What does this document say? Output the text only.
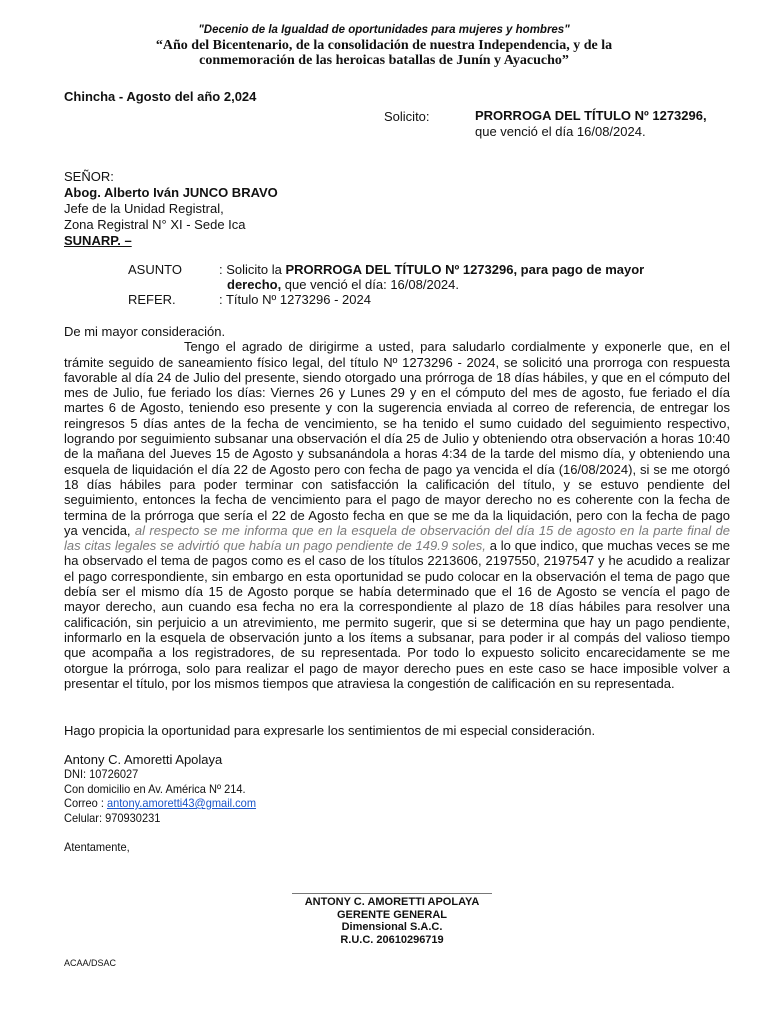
"Decenio de la Igualdad de oportunidades para mujeres y hombres"
“Año del Bicentenario, de la consolidación de nuestra Independencia, y de la
conmemoración de las heroicas batallas de Junín y Ayacucho”
Chincha - Agosto del año 2,024
Solicito:	PRORROGA DEL TÍTULO Nº 1273296, que venció el día 16/08/2024.
SEÑOR:
Abog. Alberto Iván JUNCO BRAVO
Jefe de la Unidad Registral,
Zona Registral N° XI - Sede Ica
SUNARP. –
ASUNTO	: Solicito la PRORROGA DEL TÍTULO Nº 1273296, para pago de mayor
derecho, que venció el día: 16/08/2024.
REFER.	: Título Nº 1273296 - 2024

De mi mayor consideración.

Tengo el agrado de dirigirme a usted, para saludarlo cordialmente y exponerle que, en el trámite seguido de saneamiento físico legal, del título Nº 1273296 - 2024, se solicitó una prorroga con respuesta favorable al día 24 de Julio del presente, siendo otorgado una prórroga de 18 días hábiles, y que en el cómputo del mes de Julio, fue feriado los días: Viernes 26 y Lunes 29 y en el cómputo del mes de agosto, fue feriado el día martes 6 de Agosto, teniendo eso presente y con la sugerencia enviada al correo de referencia, de entregar los reingresos 5 días antes de la fecha de vencimiento, se ha tenido el sumo cuidado del seguimiento respectivo, logrando por seguimiento subsanar una observación el día 25 de Julio y obteniendo otra observación a horas 10:40 de la mañana del Jueves 15 de Agosto y subsanándola a horas 4:34 de la tarde del mismo día, y obteniendo una esquela de liquidación el día 22 de Agosto pero con fecha de pago ya vencida el día (16/08/2024), si se me otorgó 18 días hábiles para poder terminar con satisfacción la calificación del título, y se estuvo pendiente del seguimiento, entonces la fecha de vencimiento para el pago de mayor derecho no es coherente con la fecha de termina de la prórroga que sería el 22 de Agosto fecha en que se me da la liquidación, pero con la fecha de pago ya vencida, al respecto se me informa que en la esquela de observación del día 15 de agosto en la parte final de las citas legales se advirtió que había un pago pendiente de 149.9 soles, a lo que indico, que muchas veces se me ha observado el tema de pagos como es el caso de los títulos 2213606, 2197550, 2197547 y he acudido a realizar el pago correspondiente, sin embargo en esta oportunidad se pudo colocar en la observación el tema de pago que debía ser el mismo día 15 de Agosto porque se había determinado que el 16 de Agosto se vencía el pago de mayor derecho, aun cuando esa fecha no era la correspondiente al plazo de 18 días hábiles para resolver una calificación, sin perjuicio a un atrevimiento, me permito sugerir, que si se determina que hay un pago pendiente, informarlo en la esquela de observación junto a los ítems a subsanar, para poder ir al compás del valioso tiempo que acompaña a los registradores, de su representada. Por todo lo expuesto solicito encarecidamente se me otorgue la prórroga, solo para realizar el pago de mayor derecho pues en este caso se hace imposible volver a presentar el título, por los mismos tiempos que atraviesa la congestión de calificación en su representada.

Hago propicia la oportunidad para expresarle los sentimientos de mi especial consideración.
Antony C. Amoretti Apolaya
DNI: 10726027
Con domicilio en Av. América Nº 214.
Correo : antony.amoretti43@gmail.com
Celular: 970930231
Atentamente,
ANTONY C. AMORETTI APOLAYA
GERENTE GENERAL
Dimensional S.A.C.
R.U.C. 20610296719
ACAA/DSAC
